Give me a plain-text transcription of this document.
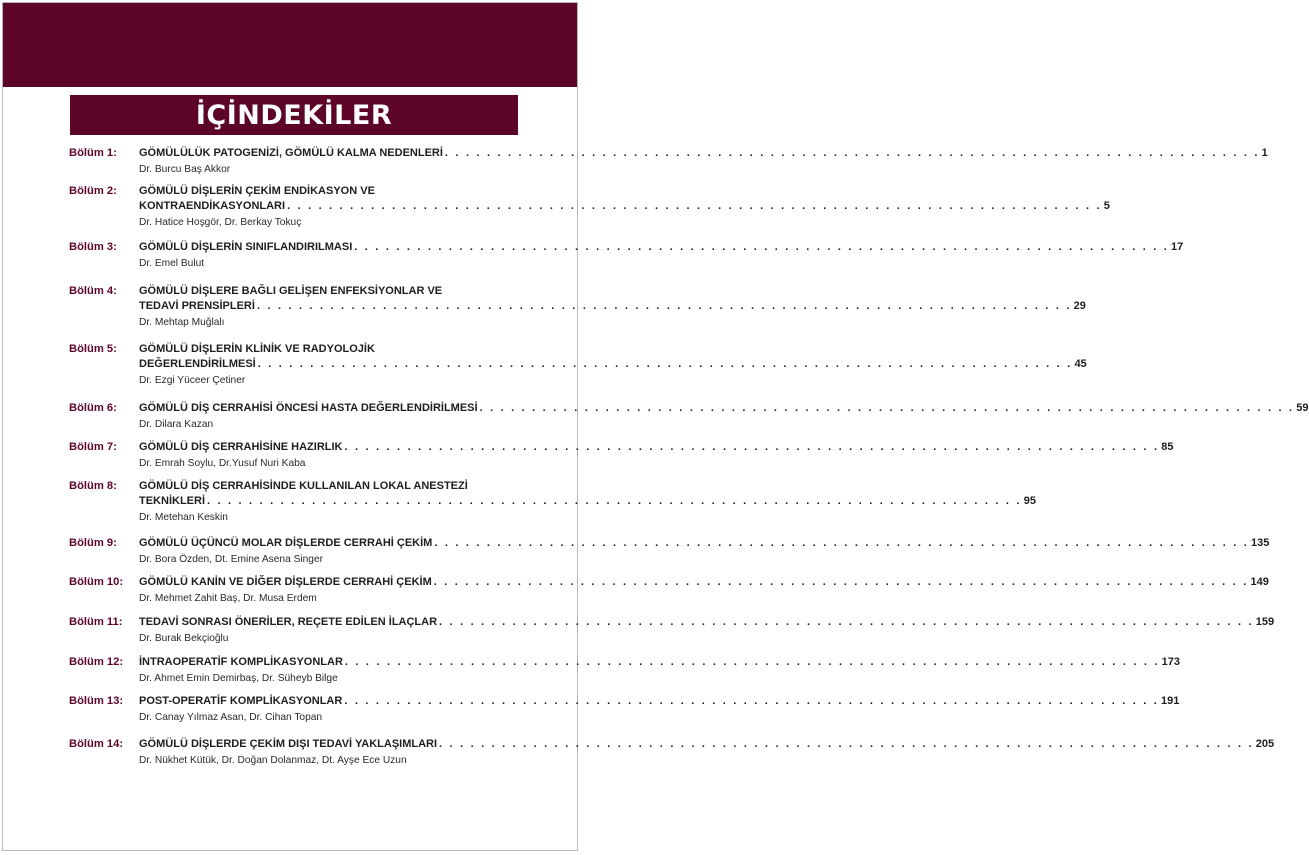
İÇİNDEKİLER
Bölüm 1: GÖMÜLÜLÜK PATOGENİZİ, GÖMÜLÜ KALMA NEDENLERİ . . . . . . . . . . . . . . . . . . . . . . . . . . . . . . . . . . . . . . . . . . . . . . . . . . . . . . . . . . . . . . . . . . . . . . . . . . . . . . 1
Dr. Burcu Baş Akkor
Bölüm 2: GÖMÜLÜ DİŞLERİN ÇEKİM ENDİKASYON VE
KONTRAENDİKASYONLARI . . . . . . . . . . . . . . . . . . . . . . . . . . . . . . . . . . . . . . . . . . . . . . . . . . . . . . . . . . . . . . . . . . . . . . . . . . . . . . 5
Dr. Hatice Hoşgör, Dr. Berkay Tokuç
Bölüm 3: GÖMÜLÜ DİŞLERİN SINIFLANDIRILMASI . . . . . . . . . . . . . . . . . . . . . . . . . . . . . . . . . . . . . . . . . . . . . . . . . . . . . . . . . . . . . . . . . . . . . . . . . . . . . . 17
Dr. Emel Bulut
Bölüm 4: GÖMÜLÜ DİŞLERE BAĞLI GELİŞEN ENFEKSİYONLAR VE
TEDAVİ PRENSİPLERİ . . . . . . . . . . . . . . . . . . . . . . . . . . . . . . . . . . . . . . . . . . . . . . . . . . . . . . . . . . . . . . . . . . . . . . . . . . . . . . 29
Dr. Mehtap Muğlalı
Bölüm 5: GÖMÜLÜ DİŞLERİN KLİNİK VE RADYOLOJİK
DEĞERLENDİRİLMESİ . . . . . . . . . . . . . . . . . . . . . . . . . . . . . . . . . . . . . . . . . . . . . . . . . . . . . . . . . . . . . . . . . . . . . . . . . . . . . . 45
Dr. Ezgi Yüceer Çetiner
Bölüm 6: GÖMÜLÜ DİŞ CERRAHİSİ ÖNCESİ HASTA DEĞERLENDİRİLMESİ . . . . . . . . . . . . . . . . . . . . . . . . . . . . . . . . . . . . . . . . . . . . . . . . . . . . . . . . . . . . . . . . . . . . . . . . . . . . . . 59
Dr. Dilara Kazan
Bölüm 7: GÖMÜLÜ DİŞ CERRAHİSİNE HAZIRLIK . . . . . . . . . . . . . . . . . . . . . . . . . . . . . . . . . . . . . . . . . . . . . . . . . . . . . . . . . . . . . . . . . . . . . . . . . . . . . . 85
Dr. Emrah Soylu, Dr.Yusuf Nuri Kaba
Bölüm 8: GÖMÜLÜ DİŞ CERRAHİSİNDE KULLANILAN LOKAL ANESTEZİ
TEKNİKLERİ . . . . . . . . . . . . . . . . . . . . . . . . . . . . . . . . . . . . . . . . . . . . . . . . . . . . . . . . . . . . . . . . . . . . . . . . . . . . . . 95
Dr. Metehan Keskin
Bölüm 9: GÖMÜLÜ ÜÇÜNCÜ MOLAR DİŞLERDE CERRAHİ ÇEKİM . . . . . . . . . . . . . . . . . . . . . . . . . . . . . . . . . . . . . . . . . . . . . . . . . . . . . . . . . . . . . . . . . . . . . . . . . . . . . . 135
Dr. Bora Özden, Dt. Emine Asena Singer
Bölüm 10: GÖMÜLÜ KANİN VE DİĞER DİŞLERDE CERRAHİ ÇEKİM . . . . . . . . . . . . . . . . . . . . . . . . . . . . . . . . . . . . . . . . . . . . . . . . . . . . . . . . . . . . . . . . . . . . . . . . . . . . . . 149
Dr. Mehmet Zahit Baş, Dr. Musa Erdem
Bölüm 11: TEDAVİ SONRASI ÖNERİLER, REÇETE EDİLEN İLAÇLAR . . . . . . . . . . . . . . . . . . . . . . . . . . . . . . . . . . . . . . . . . . . . . . . . . . . . . . . . . . . . . . . . . . . . . . . . . . . . . . 159
Dr. Burak Bekçioğlu
Bölüm 12: İNTRAOPERATİF KOMPLİKASYONLAR . . . . . . . . . . . . . . . . . . . . . . . . . . . . . . . . . . . . . . . . . . . . . . . . . . . . . . . . . . . . . . . . . . . . . . . . . . . . . . 173
Dr. Ahmet Emin Demirbaş, Dr. Süheyb Bilge
Bölüm 13: POST-OPERATİF KOMPLİKASYONLAR . . . . . . . . . . . . . . . . . . . . . . . . . . . . . . . . . . . . . . . . . . . . . . . . . . . . . . . . . . . . . . . . . . . . . . . . . . . . . . 191
Dr. Canay Yılmaz Asan, Dr. Cihan Topan
Bölüm 14: GÖMÜLÜ DİŞLERDE ÇEKİM DIŞI TEDAVİ YAKLAŞIMLARI . . . . . . . . . . . . . . . . . . . . . . . . . . . . . . . . . . . . . . . . . . . . . . . . . . . . . . . . . . . . . . . . . . . . . . . . . . . . . . 205
Dr. Nükhet Kütük, Dr. Doğan Dolanmaz, Dt. Ayşe Ece Uzun
